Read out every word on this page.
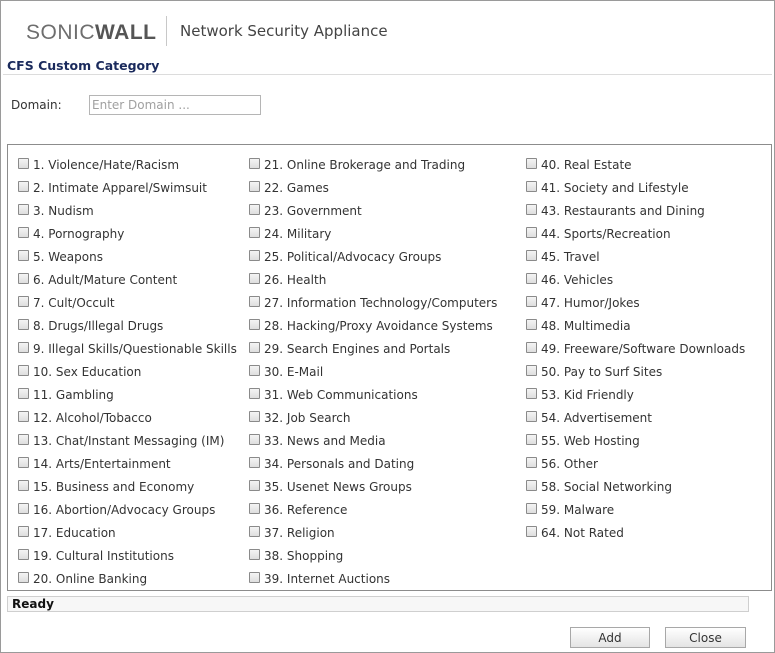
SONICWALL Network Security Appliance
CFS Custom Category
Domain:
Enter Domain ...
1. Violence/Hate/Racism
2. Intimate Apparel/Swimsuit
3. Nudism
4. Pornography
5. Weapons
6. Adult/Mature Content
7. Cult/Occult
8. Drugs/Illegal Drugs
9. Illegal Skills/Questionable Skills
10. Sex Education
11. Gambling
12. Alcohol/Tobacco
13. Chat/Instant Messaging (IM)
14. Arts/Entertainment
15. Business and Economy
16. Abortion/Advocacy Groups
17. Education
19. Cultural Institutions
20. Online Banking
21. Online Brokerage and Trading
22. Games
23. Government
24. Military
25. Political/Advocacy Groups
26. Health
27. Information Technology/Computers
28. Hacking/Proxy Avoidance Systems
29. Search Engines and Portals
30. E-Mail
31. Web Communications
32. Job Search
33. News and Media
34. Personals and Dating
35. Usenet News Groups
36. Reference
37. Religion
38. Shopping
39. Internet Auctions
40. Real Estate
41. Society and Lifestyle
43. Restaurants and Dining
44. Sports/Recreation
45. Travel
46. Vehicles
47. Humor/Jokes
48. Multimedia
49. Freeware/Software Downloads
50. Pay to Surf Sites
53. Kid Friendly
54. Advertisement
55. Web Hosting
56. Other
58. Social Networking
59. Malware
64. Not Rated
Ready
Add	Close
